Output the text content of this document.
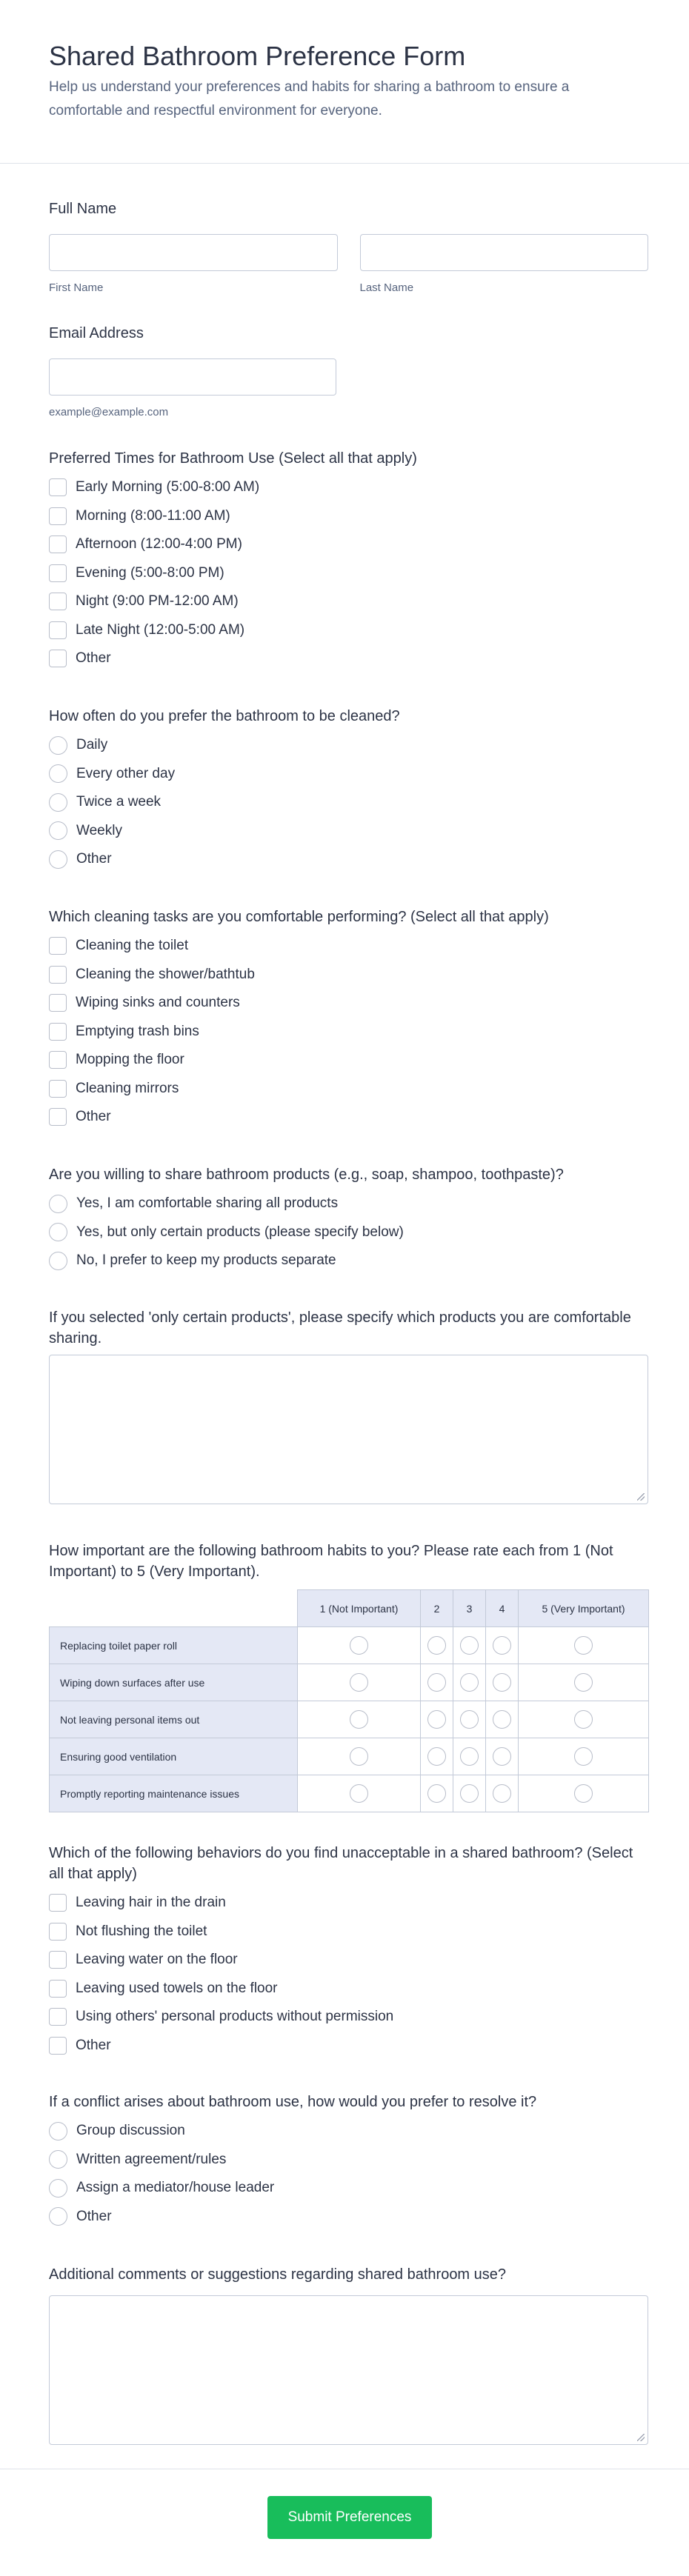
Shared Bathroom Preference Form

Help us understand your preferences and habits for sharing a bathroom to ensure a comfortable and respectful environment for everyone.

Full Name
First Name	Last Name
Email Address
example@example.com
Preferred Times for Bathroom Use (Select all that apply)
Early Morning (5:00-8:00 AM)
Morning (8:00-11:00 AM)
Afternoon (12:00-4:00 PM)
Evening (5:00-8:00 PM)
Night (9:00 PM-12:00 AM)
Late Night (12:00-5:00 AM)
Other
How often do you prefer the bathroom to be cleaned?
Daily
Every other day
Twice a week
Weekly
Other
Which cleaning tasks are you comfortable performing? (Select all that apply)
Cleaning the toilet
Cleaning the shower/bathtub
Wiping sinks and counters
Emptying trash bins
Mopping the floor
Cleaning mirrors
Other
Are you willing to share bathroom products (e.g., soap, shampoo, toothpaste)?
Yes, I am comfortable sharing all products
Yes, but only certain products (please specify below)
No, I prefer to keep my products separate
If you selected 'only certain products', please specify which products you are comfortable sharing.
How important are the following bathroom habits to you? Please rate each from 1 (Not Important) to 5 (Very Important).
	1 (Not Important)	2	3	4	5 (Very Important)
Replacing toilet paper roll					
Wiping down surfaces after use					
Not leaving personal items out					
Ensuring good ventilation					
Promptly reporting maintenance issues					
Which of the following behaviors do you find unacceptable in a shared bathroom? (Select all that apply)
Leaving hair in the drain
Not flushing the toilet
Leaving water on the floor
Leaving used towels on the floor
Using others' personal products without permission
Other
If a conflict arises about bathroom use, how would you prefer to resolve it?
Group discussion
Written agreement/rules
Assign a mediator/house leader
Other
Additional comments or suggestions regarding shared bathroom use?
Submit Preferences
